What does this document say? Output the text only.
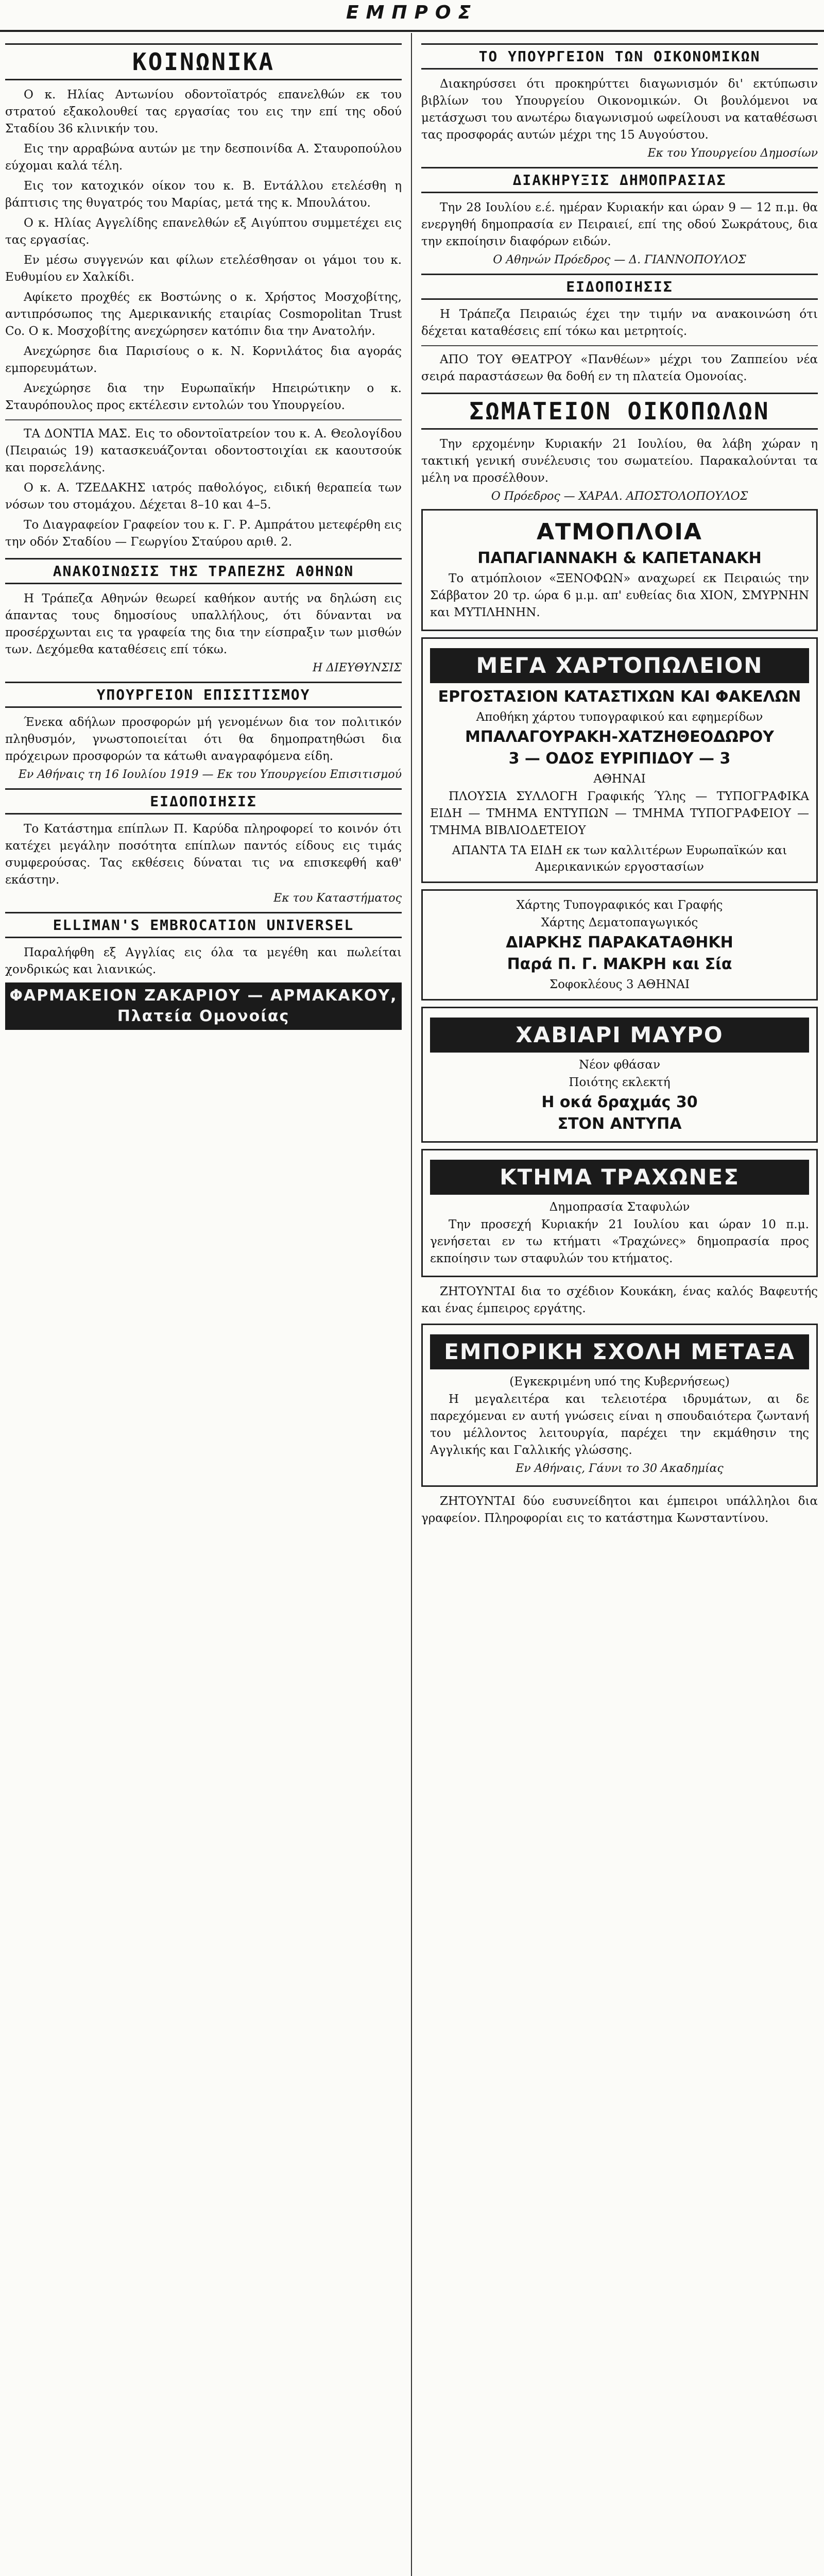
ΕΜΠΡΟΣ
ΚΟΙΝΩΝΙΚΑ

Ο κ. Ηλίας Αντωνίου οδοντοϊατρός επανελθών εκ του στρατού εξακολουθεί τας εργασίας του εις την επί της οδού Σταδίου 36 κλινικήν του.

Εις την αρραβώνα αυτών με την δεσποινίδα Α. Σταυροπούλου εύχομαι καλά τέλη.

Εις τον κατοχικόν οίκον του κ. Β. Εντάλλου ετελέσθη η βάπτισις της θυγατρός του Μαρίας, μετά της κ. Μπουλάτου.

Ο κ. Ηλίας Αγγελίδης επανελθών εξ Αιγύπτου συμμετέχει εις τας εργασίας.

Εν μέσω συγγενών και φίλων ετελέσθησαν οι γάμοι του κ. Ευθυμίου εν Χαλκίδι.

Αφίκετο προχθές εκ Βοστώνης ο κ. Χρήστος Μοσχοβίτης, αντιπρόσωπος της Αμερικανικής εταιρίας Cosmopolitan Trust Co. Ο κ. Μοσχοβίτης ανεχώρησεν κατόπιν δια την Ανατολήν.

Ανεχώρησε δια Παρισίους ο κ. Ν. Κορνιλάτος δια αγοράς εμπορευμάτων.

Ανεχώρησε δια την Ευρωπαϊκήν Ηπειρώτικην ο κ. Σταυρόπουλος προς εκτέλεσιν εντολών του Υπουργείου.

ΤΑ ΔΟΝΤΙΑ ΜΑΣ. Εις το οδοντοϊατρείον του κ. Α. Θεολογίδου (Πειραιώς 19) κατασκευάζονται οδοντοστοιχίαι εκ καουτσούκ και πορσελάνης.

Ο κ. Α. ΤΖΕΔΑΚΗΣ ιατρός παθολόγος, ειδική θεραπεία των νόσων του στομάχου. Δέχεται 8–10 και 4–5.

Το Διαγραφείον Γραφείον του κ. Γ. Ρ. Αμπράτου μετεφέρθη εις την οδόν Σταδίου — Γεωργίου Σταύρου αριθ. 2.

ΑΝΑΚΟΙΝΩΣΙΣ ΤΗΣ ΤΡΑΠΕΖΗΣ ΑΘΗΝΩΝ

Η Τράπεζα Αθηνών θεωρεί καθήκον αυτής να δηλώση εις άπαντας τους δημοσίους υπαλλήλους, ότι δύνανται να προσέρχωνται εις τα γραφεία της δια την είσπραξιν των μισθών των. Δεχόμεθα καταθέσεις επί τόκω.

Η ΔΙΕΥΘΥΝΣΙΣ
ΥΠΟΥΡΓΕΙΟΝ ΕΠΙΣΙΤΙΣΜΟΥ

Ένεκα αδήλων προσφορών μή γενομένων δια τον πολιτικόν πληθυσμόν, γνωστοποιείται ότι θα δημοπρατηθώσι δια πρόχειρων προσφορών τα κάτωθι αναγραφόμενα είδη.

Εν Αθήναις τη 16 Ιουλίου 1919 — Εκ του Υπουργείου Επισιτισμού
ΕΙΔΟΠΟΙΗΣΙΣ

Το Κατάστημα επίπλων Π. Καρύδα πληροφορεί το κοινόν ότι κατέχει μεγάλην ποσότητα επίπλων παντός είδους εις τιμάς συμφερούσας. Τας εκθέσεις δύναται τις να επισκεφθή καθ' εκάστην.

Εκ του Καταστήματος
ELLIMAN'S EMBROCATION UNIVERSEL

Παραλήφθη εξ Αγγλίας εις όλα τα μεγέθη και πωλείται χονδρικώς και λιανικώς.

ΦΑΡΜΑΚΕΙΟΝ ΖΑΚΑΡΙΟΥ — ΑΡΜΑΚΑΚΟΥ, Πλατεία Ομονοίας
ΤΟ ΥΠΟΥΡΓΕΙΟΝ ΤΩΝ ΟΙΚΟΝΟΜΙΚΩΝ

Διακηρύσσει ότι προκηρύττει διαγωνισμόν δι' εκτύπωσιν βιβλίων του Υπουργείου Οικονομικών. Οι βουλόμενοι να μετάσχωσι του ανωτέρω διαγωνισμού ωφείλουσι να καταθέσωσι τας προσφοράς αυτών μέχρι της 15 Αυγούστου.

Εκ του Υπουργείου Δημοσίων
ΔΙΑΚΗΡΥΞΙΣ ΔΗΜΟΠΡΑΣΙΑΣ

Την 28 Ιουλίου ε.έ. ημέραν Κυριακήν και ώραν 9 — 12 π.μ. θα ενεργηθή δημοπρασία εν Πειραιεί, επί της οδού Σωκράτους, δια την εκποίησιν διαφόρων ειδών.

Ο Αθηνών Πρόεδρος — Δ. ΓΙΑΝΝΟΠΟΥΛΟΣ
ΕΙΔΟΠΟΙΗΣΙΣ

Η Τράπεζα Πειραιώς έχει την τιμήν να ανακοινώση ότι δέχεται καταθέσεις επί τόκω και μετρητοίς.

ΑΠΟ ΤΟΥ ΘΕΑΤΡΟΥ «Πανθέων» μέχρι του Ζαππείου νέα σειρά παραστάσεων θα δοθή εν τη πλατεία Ομονοίας.

ΣΩΜΑΤΕΙΟΝ ΟΙΚΟΠΩΛΩΝ

Την ερχομένην Κυριακήν 21 Ιουλίου, θα λάβη χώραν η τακτική γενική συνέλευσις του σωματείου. Παρακαλούνται τα μέλη να προσέλθουν.

Ο Πρόεδρος — ΧΑΡΑΛ. ΑΠΟΣΤΟΛΟΠΟΥΛΟΣ
ΑΤΜΟΠΛΟΙΑ
ΠΑΠΑΓΙΑΝΝΑΚΗ & ΚΑΠΕΤΑΝΑΚΗ

Το ατμόπλοιον «ΞΕΝΟΦΩΝ» αναχωρεί εκ Πειραιώς την Σάββατον 20 τρ. ώρα 6 μ.μ. απ' ευθείας δια ΧΙΟΝ, ΣΜΥΡΝΗΝ και ΜΥΤΙΛΗΝΗΝ.

ΜΕΓΑ ΧΑΡΤΟΠΩΛΕΙΟΝ
ΕΡΓΟΣΤΑΣΙΟΝ ΚΑΤΑΣΤΙΧΩΝ ΚΑΙ ΦΑΚΕΛΩΝ
Αποθήκη χάρτου τυπογραφικού και εφημερίδων
ΜΠΑΛΑΓΟΥΡΑΚΗ-ΧΑΤΖΗΘΕΟΔΩΡΟΥ
3 — ΟΔΟΣ ΕΥΡΙΠΙΔΟΥ — 3
ΑΘΗΝΑΙ

ΠΛΟΥΣΙΑ ΣΥΛΛΟΓΗ Γραφικής Ύλης — ΤΥΠΟΓΡΑΦΙΚΑ ΕΙΔΗ — ΤΜΗΜΑ ΕΝΤΥΠΩΝ — ΤΜΗΜΑ ΤΥΠΟΓΡΑΦΕΙΟΥ — ΤΜΗΜΑ ΒΙΒΛΙΟΔΕΤΕΙΟΥ

ΑΠΑΝΤΑ ΤΑ ΕΙΔΗ εκ των καλλιτέρων Ευρωπαϊκών και Αμερικανικών εργοστασίων
Χάρτης Τυπογραφικός και Γραφής
Χάρτης Δεματοπαγωγικός
ΔΙΑΡΚΗΣ ΠΑΡΑΚΑΤΑΘΗΚΗ
Παρά Π. Γ. ΜΑΚΡΗ και Σία
Σοφοκλέους 3 ΑΘΗΝΑΙ
ΧΑΒΙΑΡΙ ΜΑΥΡΟ
Νέον φθάσαν
Ποιότης εκλεκτή
Η οκά δραχμάς 30
ΣΤΟΝ ΑΝΤΥΠΑ
ΚΤΗΜΑ ΤΡΑΧΩΝΕΣ
Δημοπρασία Σταφυλών

Την προσεχή Κυριακήν 21 Ιουλίου και ώραν 10 π.μ. γενήσεται εν τω κτήματι «Τραχώνες» δημοπρασία προς εκποίησιν των σταφυλών του κτήματος.

ΖΗΤΟΥΝΤΑΙ δια το σχέδιον Κουκάκη, ένας καλός Βαφευτής και ένας έμπειρος εργάτης.

ΕΜΠΟΡΙΚΗ ΣΧΟΛΗ ΜΕΤΑΞΑ
(Εγκεκριμένη υπό της Κυβερνήσεως)

Η μεγαλειτέρα και τελειοτέρα ιδρυμάτων, αι δε παρεχόμεναι εν αυτή γνώσεις είναι η σπουδαιότερα ζωντανή του μέλλοντος λειτουργία, παρέχει την εκμάθησιν της Αγγλικής και Γαλλικής γλώσσης.

Εν Αθήναις, Γάυνι το 30 Ακαδημίας

ΖΗΤΟΥΝΤΑΙ δύο ευσυνείδητοι και έμπειροι υπάλληλοι δια γραφείον. Πληροφορίαι εις το κατάστημα Κωνσταντίνου.
